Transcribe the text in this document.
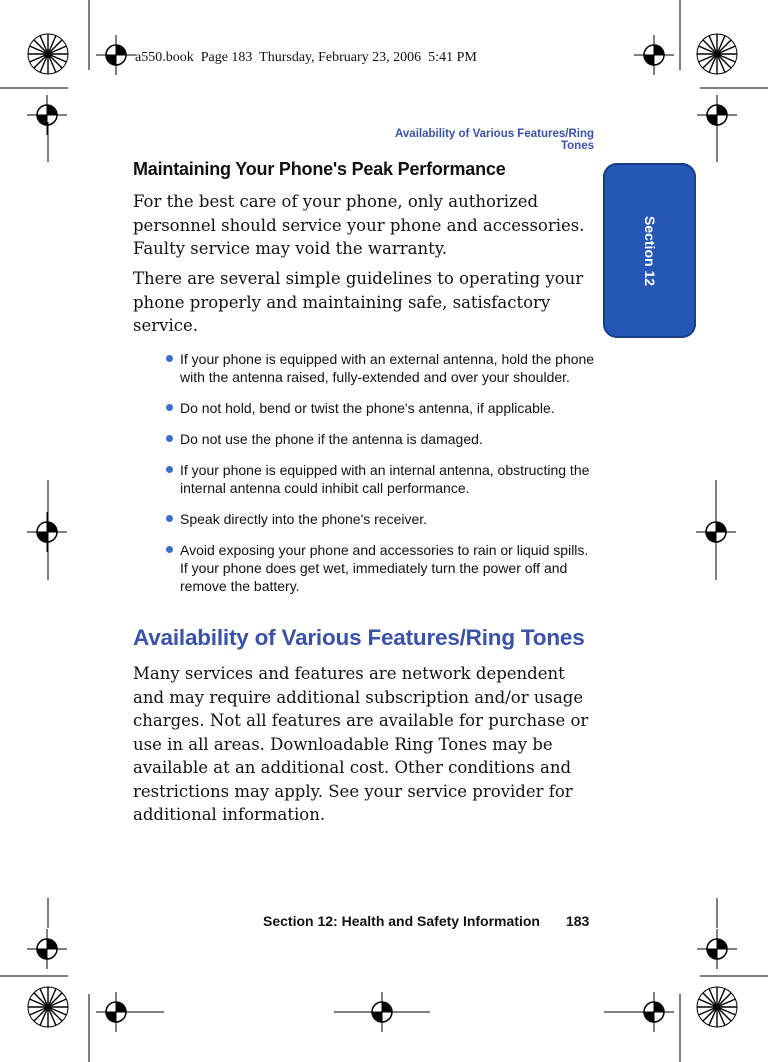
a550.book  Page 183  Thursday, February 23, 2006  5:41 PM
Availability of Various Features/Ring Tones
Section 12
Maintaining Your Phone's Peak Performance
For the best care of your phone, only authorized personnel should service your phone and accessories. Faulty service may void the warranty.
There are several simple guidelines to operating your phone properly and maintaining safe, satisfactory service.
If your phone is equipped with an external antenna, hold the phone with the antenna raised, fully-extended and over your shoulder.
Do not hold, bend or twist the phone's antenna, if applicable.
Do not use the phone if the antenna is damaged.
If your phone is equipped with an internal antenna, obstructing the internal antenna could inhibit call performance.
Speak directly into the phone's receiver.
Avoid exposing your phone and accessories to rain or liquid spills. If your phone does get wet, immediately turn the power off and remove the battery.
Availability of Various Features/Ring Tones
Many services and features are network dependent and may require additional subscription and/or usage charges. Not all features are available for purchase or use in all areas. Downloadable Ring Tones may be available at an additional cost. Other conditions and restrictions may apply. See your service provider for additional information.
Section 12: Health and Safety Information 183
